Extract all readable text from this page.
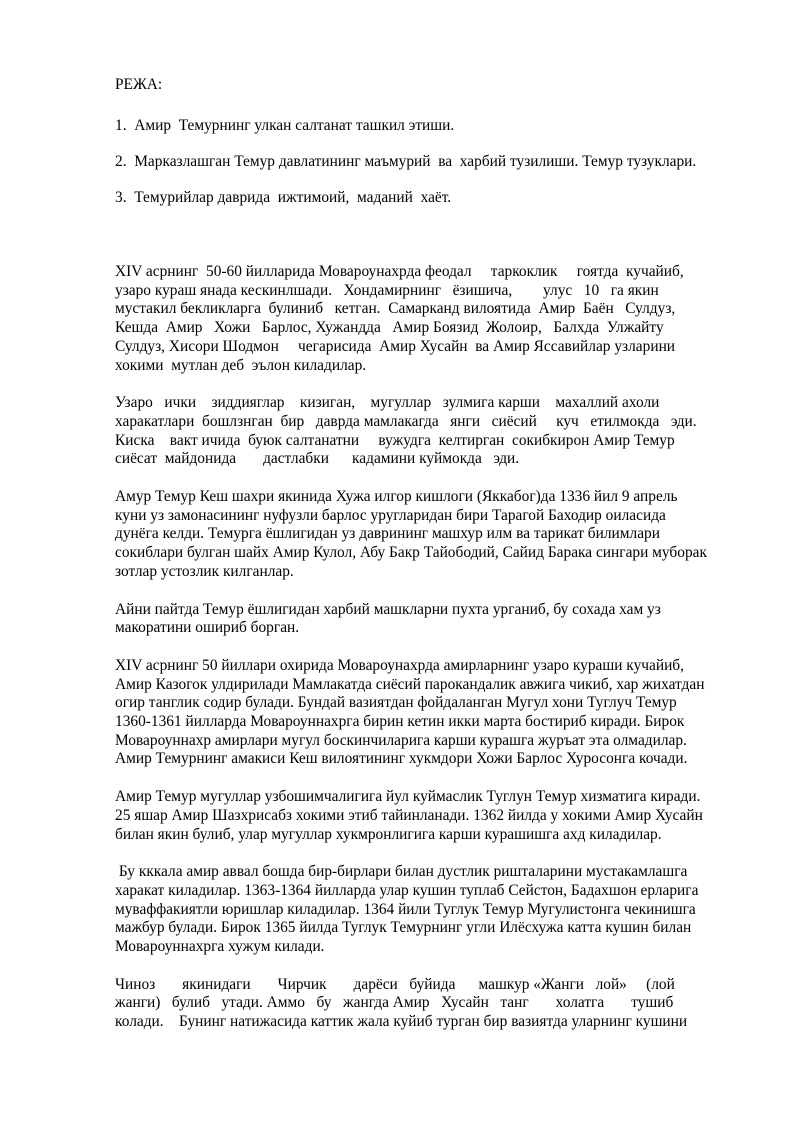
РЕЖА:
1.  Амир  Темурнинг улкан салтанат ташкил этиши.
2.  Марказлашган Темур давлатининг маъмурий  ва  харбий тузилиши. Темур тузуклари.
3.  Темурийлар даврида  ижтимоий,  маданий  хаёт.
XIV асрнинг  50-60 йилларида Мовароунахрда феодал     таркоклик     гоятда  кучайиб,
узаро кураш янада кескинлшади.   Хондамирнинг   ёзишича,        улус   10   га якин
мустакил бекликларга  булиниб   кетган.  Самарканд вилоятида  Амир  Баён   Сулдуз,
Кешда  Амир   Хожи   Барлос, Хужандда   Амир Боязид  Жолоир,   Балхда  Улжайту
Сулдуз, Хисори Шодмон     чегарисида  Амир Хусайн  ва Амир Яссавийлар узларини
хокими  мутлан деб  эълон киладилар.
Узаро   ички    зиддияглар    кизиган,    мугуллар   зулмига карши    махаллий ахоли
харакатлари  бошлзнган  бир   даврда мамлакагда   янги   сиёсий     куч   етилмокда   эди.
Киска    вакт ичида  буюк салтанатни     вужудга  келтирган  сокибкирон Амир Темур
сиёсат  майдонида       дастлабки      кадамини куймокда   эди.
Амур Темур Кеш шахри якинида Хужа илгор кишлоги (Яккабог)да 1336 йил 9 апрель
куни уз замонасининг нуфузли барлос уругларидан бири Тарагой Баходир оиласида
дунёга келди. Темурга ёшлигидан уз даврининг машхур илм ва тарикат билимлари
сокиблари булган шайх Амир Кулол, Абу Бакр Тайободий, Сайид Барака сингари муборак
зотлар устозлик килганлар.
Айни пайтда Темур ёшлигидан харбий машкларни пухта урганиб, бу сохада хам уз
макоратини ошириб борган.
XIV асрнинг 50 йиллари охирида Мовароунахрда амирларнинг узаро кураши кучайиб,
Амир Казогок улдирилади Мамлакатда сиёсий парокандалик авжига чикиб, хар жихатдан
огир танглик содир булади. Бундай вазиятдан фойдаланган Мугул хони Туглуч Темур
1360-1361 йилларда Мовароуннахрга бирин кетин икки марта бостириб киради. Бирок
Мовароуннахр амирлари мугул боскинчиларига карши курашга журъат эта олмадилар.
Амир Темурнинг амакиси Кеш вилоятининг хукмдори Хожи Барлос Хуросонга кочади.
Амир Темур мугуллар узбошимчалигига йул куймаслик Туглун Темур хизматига киради.
25 яшар Амир Шазхрисабз хокими этиб тайинланади. 1362 йилда у хокими Амир Хусайн
билан якин булиб, улар мугуллар хукмронлигига карши курашишга ахд киладилар.
Бу кккала амир аввал бошда бир-бирлари билан дустлик ришталарини мустакамлашга
харакат киладилар. 1363-1364 йилларда улар кушин туплаб Сейстон, Бадахшон ерларига
муваффакиятли юришлар киладилар. 1364 йили Туглук Темур Мугулистонга чекинишга
мажбур булади. Бирок 1365 йилда Туглук Темурнинг угли Илёсхужа катта кушин билан
Мовароуннахрга хужум килади.
Чиноз       якинидаги       Чирчик       дарёси   буйида      машкур «Жанги   лой»     (лой
жанги)   булиб   утади. Аммо   бу   жангда Амир   Хусайн   танг       холатга       тушиб
колади.    Бунинг натижасида каттик жала куйиб турган бир вазиятда уларнинг кушини
